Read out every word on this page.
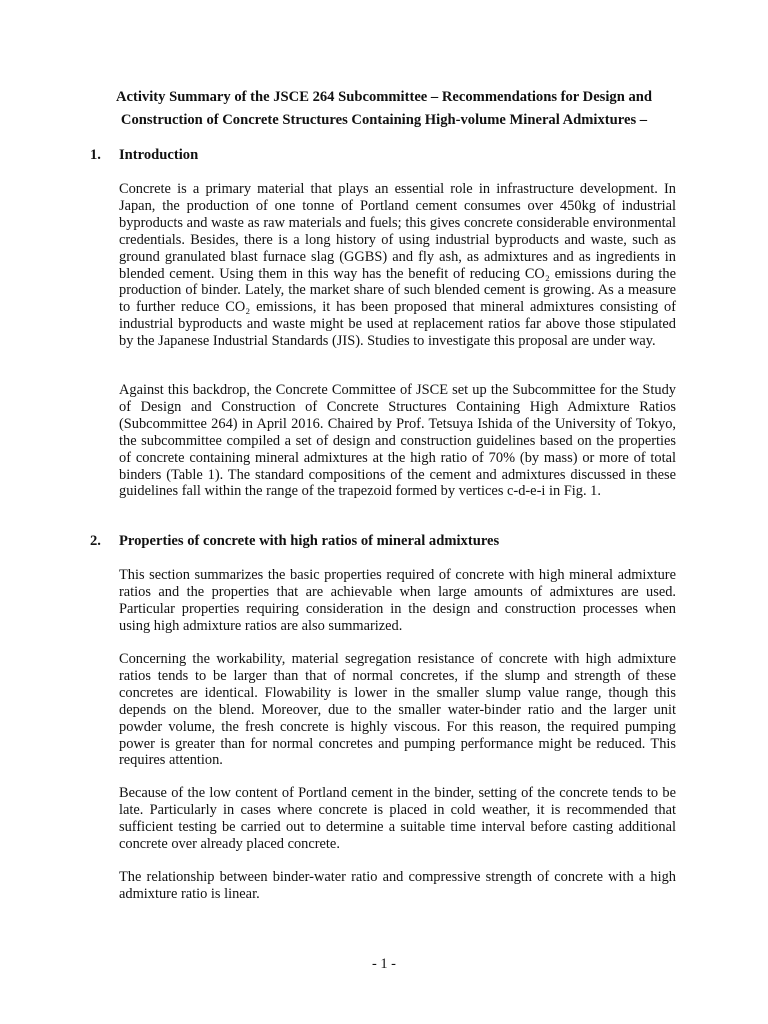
Activity Summary of the JSCE 264 Subcommittee – Recommendations for Design and
Construction of Concrete Structures Containing High-volume Mineral Admixtures –
1. Introduction

Concrete is a primary material that plays an essential role in infrastructure development. In Japan, the production of one tonne of Portland cement consumes over 450kg of industrial byproducts and waste as raw materials and fuels; this gives concrete considerable environmental credentials. Besides, there is a long history of using industrial byproducts and waste, such as ground granulated blast furnace slag (GGBS) and fly ash, as admixtures and as ingredients in blended cement. Using them in this way has the benefit of reducing CO₂ emissions during the production of binder. Lately, the market share of such blended cement is growing. As a measure to further reduce CO₂ emissions, it has been proposed that mineral admixtures consisting of industrial byproducts and waste might be used at replacement ratios far above those stipulated by the Japanese Industrial Standards (JIS). Studies to investigate this proposal are under way.

Against this backdrop, the Concrete Committee of JSCE set up the Subcommittee for the Study of Design and Construction of Concrete Structures Containing High Admixture Ratios (Subcommittee 264) in April 2016. Chaired by Prof. Tetsuya Ishida of the University of Tokyo, the subcommittee compiled a set of design and construction guidelines based on the properties of concrete containing mineral admixtures at the high ratio of 70% (by mass) or more of total binders (Table 1). The standard compositions of the cement and admixtures discussed in these guidelines fall within the range of the trapezoid formed by vertices c-d-e-i in Fig. 1.

2. Properties of concrete with high ratios of mineral admixtures

This section summarizes the basic properties required of concrete with high mineral admixture ratios and the properties that are achievable when large amounts of admixtures are used. Particular properties requiring consideration in the design and construction processes when using high admixture ratios are also summarized.

Concerning the workability, material segregation resistance of concrete with high admixture ratios tends to be larger than that of normal concretes, if the slump and strength of these concretes are identical. Flowability is lower in the smaller slump value range, though this depends on the blend. Moreover, due to the smaller water-binder ratio and the larger unit powder volume, the fresh concrete is highly viscous. For this reason, the required pumping power is greater than for normal concretes and pumping performance might be reduced. This requires attention.

Because of the low content of Portland cement in the binder, setting of the concrete tends to be late. Particularly in cases where concrete is placed in cold weather, it is recommended that sufficient testing be carried out to determine a suitable time interval before casting additional concrete over already placed concrete.

The relationship between binder-water ratio and compressive strength of concrete with a high admixture ratio is linear.

- 1 -
